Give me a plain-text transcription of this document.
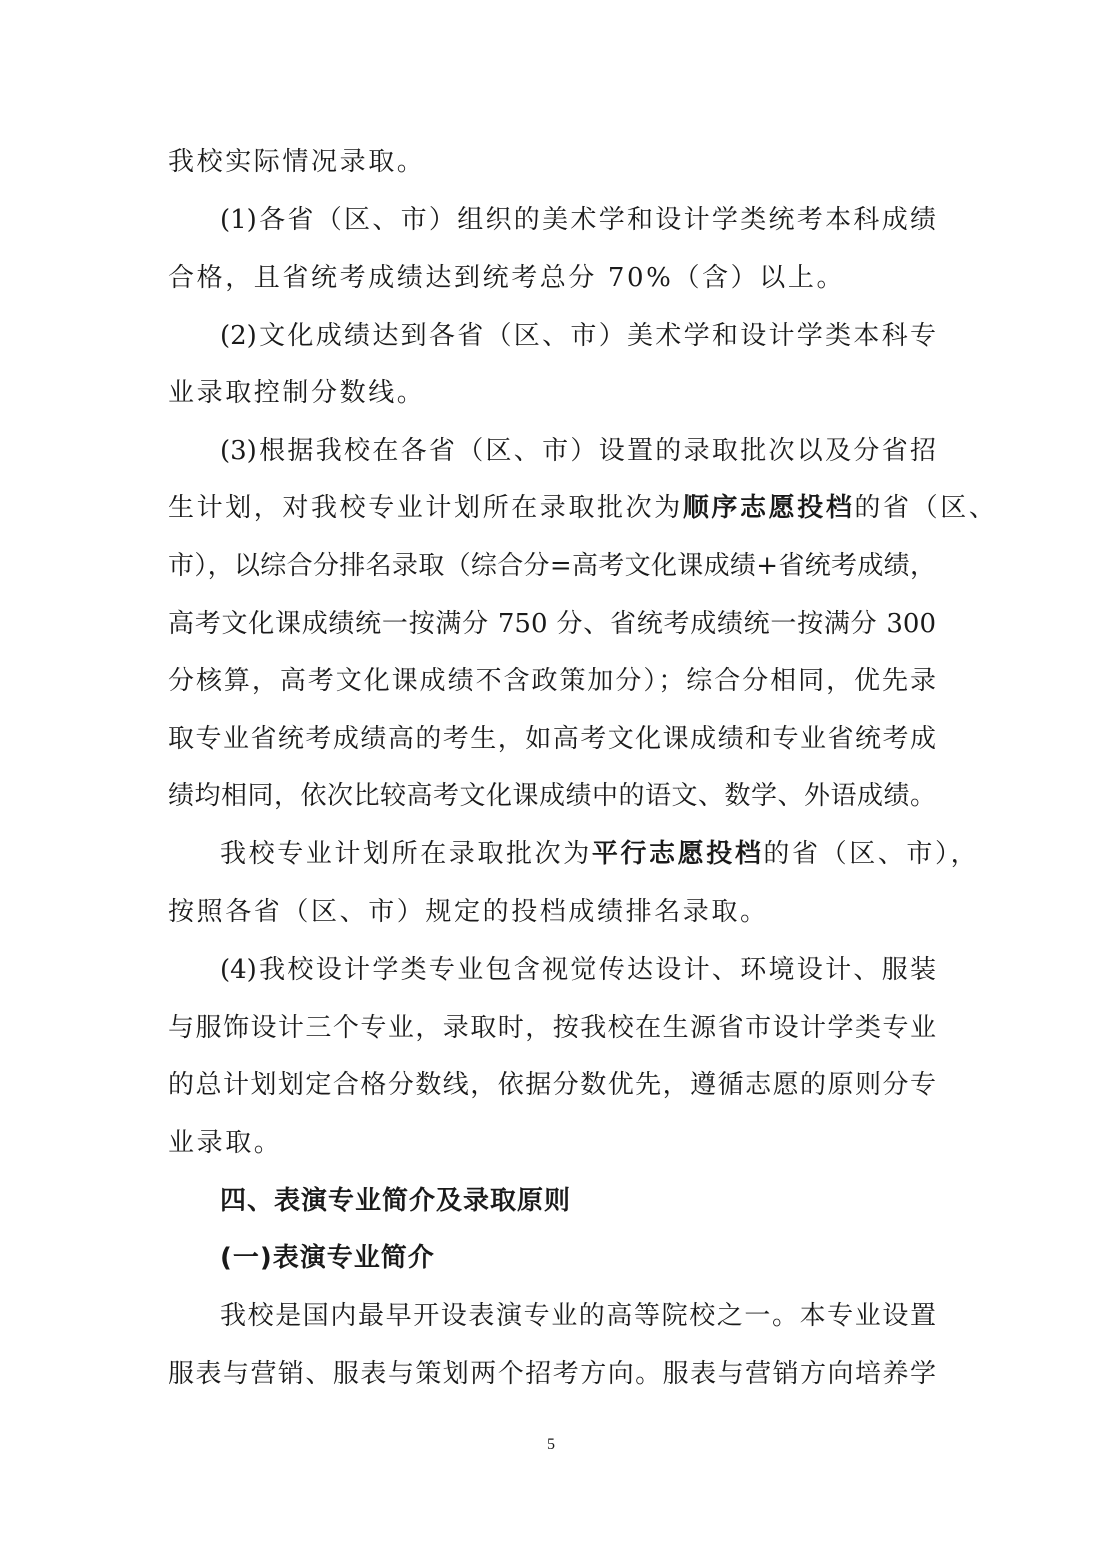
我校实际情况录取。
(1)各省（区、市）组织的美术学和设计学类统考本科成绩
合格，且省统考成绩达到统考总分 70%（含）以上。
(2)文化成绩达到各省（区、市）美术学和设计学类本科专
业录取控制分数线。
(3)根据我校在各省（区、市）设置的录取批次以及分省招
生计划，对我校专业计划所在录取批次为顺序志愿投档的省（区、
市），以综合分排名录取（综合分=高考文化课成绩+省统考成绩，
高考文化课成绩统一按满分 750 分、省统考成绩统一按满分 300
分核算，高考文化课成绩不含政策加分）；综合分相同，优先录
取专业省统考成绩高的考生，如高考文化课成绩和专业省统考成
绩均相同，依次比较高考文化课成绩中的语文、数学、外语成绩。
我校专业计划所在录取批次为平行志愿投档的省（区、市），
按照各省（区、市）规定的投档成绩排名录取。
(4)我校设计学类专业包含视觉传达设计、环境设计、服装
与服饰设计三个专业，录取时，按我校在生源省市设计学类专业
的总计划划定合格分数线，依据分数优先，遵循志愿的原则分专
业录取。
四、表演专业简介及录取原则
(一)表演专业简介
我校是国内最早开设表演专业的高等院校之一。本专业设置
服表与营销、服表与策划两个招考方向。服表与营销方向培养学
5
